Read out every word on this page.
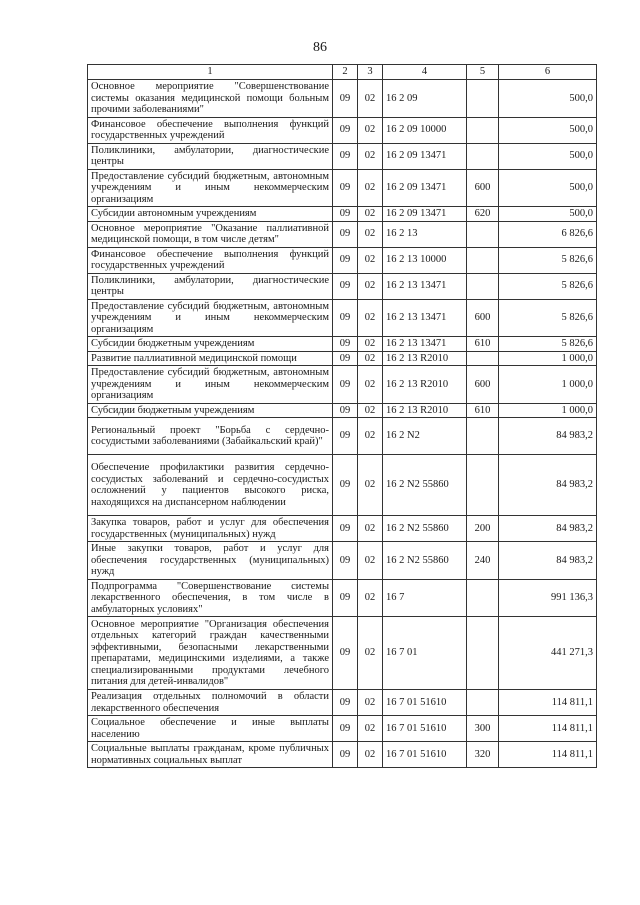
86
1	2	3	4	5	6
Основное мероприятие "Совершенствование системы оказания медицинской помощи больным прочими заболеваниями"	09	02	16 2 09		500,0
Финансовое обеспечение выполнения функций государственных учреждений	09	02	16 2 09 10000		500,0
Поликлиники, амбулатории, диагностические центры	09	02	16 2 09 13471		500,0
Предоставление субсидий бюджетным, автономным учреждениям и иным некоммерческим организациям	09	02	16 2 09 13471	600	500,0
Субсидии автономным учреждениям	09	02	16 2 09 13471	620	500,0
Основное мероприятие "Оказание паллиативной медицинской помощи, в том числе детям"	09	02	16 2 13		6 826,6
Финансовое обеспечение выполнения функций государственных учреждений	09	02	16 2 13 10000		5 826,6
Поликлиники, амбулатории, диагностические центры	09	02	16 2 13 13471		5 826,6
Предоставление субсидий бюджетным, автономным учреждениям и иным некоммерческим организациям	09	02	16 2 13 13471	600	5 826,6
Субсидии бюджетным учреждениям	09	02	16 2 13 13471	610	5 826,6
Развитие паллиативной медицинской помощи	09	02	16 2 13 R2010		1 000,0
Предоставление субсидий бюджетным, автономным учреждениям и иным некоммерческим организациям	09	02	16 2 13 R2010	600	1 000,0
Субсидии бюджетным учреждениям	09	02	16 2 13 R2010	610	1 000,0
Региональный проект "Борьба с сердечно-сосудистыми заболеваниями (Забайкальский край)"	09	02	16 2 N2		84 983,2
Обеспечение профилактики развития сердечно-сосудистых заболеваний и сердечно-сосудистых осложнений у пациентов высокого риска, находящихся на диспансерном наблюдении	09	02	16 2 N2 55860		84 983,2
Закупка товаров, работ и услуг для обеспечения государственных (муниципальных) нужд	09	02	16 2 N2 55860	200	84 983,2
Иные закупки товаров, работ и услуг для обеспечения государственных (муниципальных) нужд	09	02	16 2 N2 55860	240	84 983,2
Подпрограмма "Совершенствование системы лекарственного обеспечения, в том числе в амбулаторных условиях"	09	02	16 7		991 136,3
Основное мероприятие "Организация обеспечения отдельных категорий граждан качественными эффективными, безопасными лекарственными препаратами, медицинскими изделиями, а также специализированными продуктами лечебного питания для детей-инвалидов"	09	02	16 7 01		441 271,3
Реализация отдельных полномочий в области лекарственного обеспечения	09	02	16 7 01 51610		114 811,1
Социальное обеспечение и иные выплаты населению	09	02	16 7 01 51610	300	114 811,1
Социальные выплаты гражданам, кроме публичных нормативных социальных выплат	09	02	16 7 01 51610	320	114 811,1
